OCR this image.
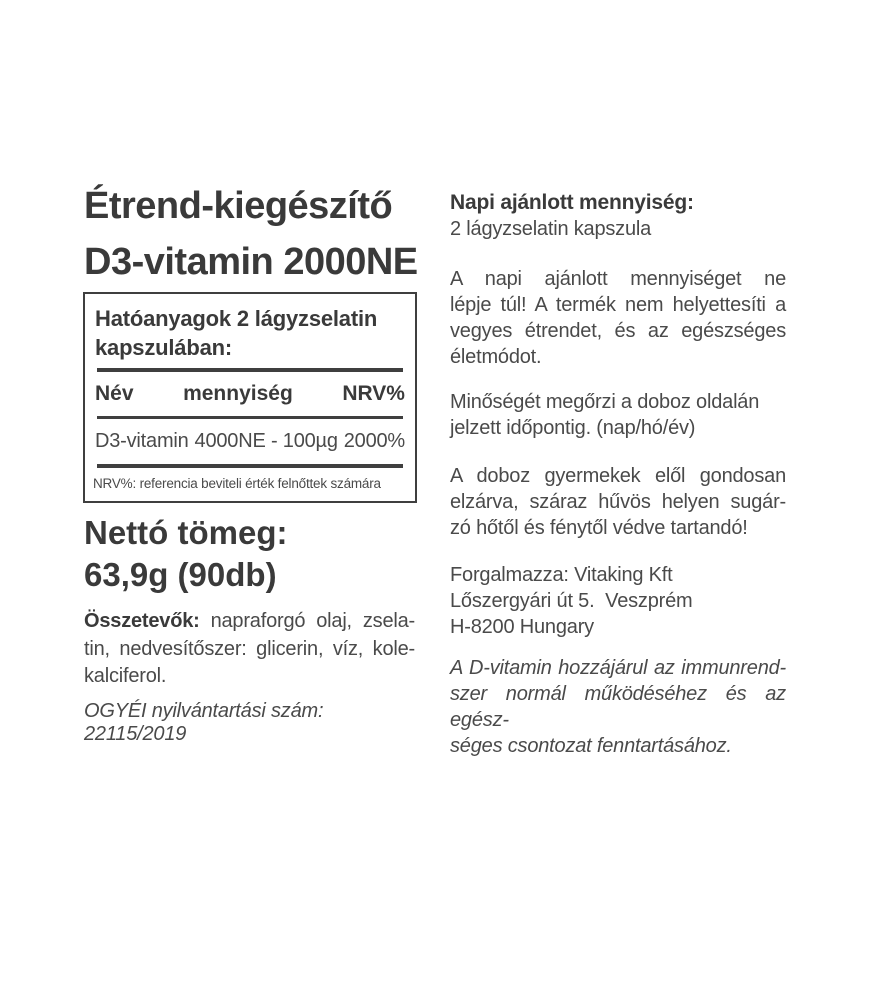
Étrend-kiegészítő
D3-vitamin 2000NE
Hatóanyagok 2 lágyzselatin
kapszulában:
Név mennyiség NRV%
D3-vitamin 4000NE - 100µg 2000%
NRV%: referencia beviteli érték felnőttek számára
Nettó tömeg:
63,9g (90db)
Összetevők: napraforgó olaj, zsela-
tin, nedvesítőszer: glicerin, víz, kole-
kalciferol.
OGYÉI nyilvántartási szám: 22115/2019
Napi ajánlott mennyiség:
2 lágyzselatin kapszula
A napi ajánlott mennyiséget ne
lépje túl! A termék nem helyettesíti a
vegyes étrendet, és az egészséges
életmódot.
Minőségét megőrzi a doboz oldalán
jelzett időpontig. (nap/hó/év)
A doboz gyermekek elől gondosan
elzárva, száraz hűvös helyen sugár-
zó hőtől és fénytől védve tartandó!
Forgalmazza: Vitaking Kft
Lőszergyári út 5.  Veszprém
H-8200 Hungary
A D-vitamin hozzájárul az immunrend-
szer normál működéséhez és az egész-
séges csontozat fenntartásához.
